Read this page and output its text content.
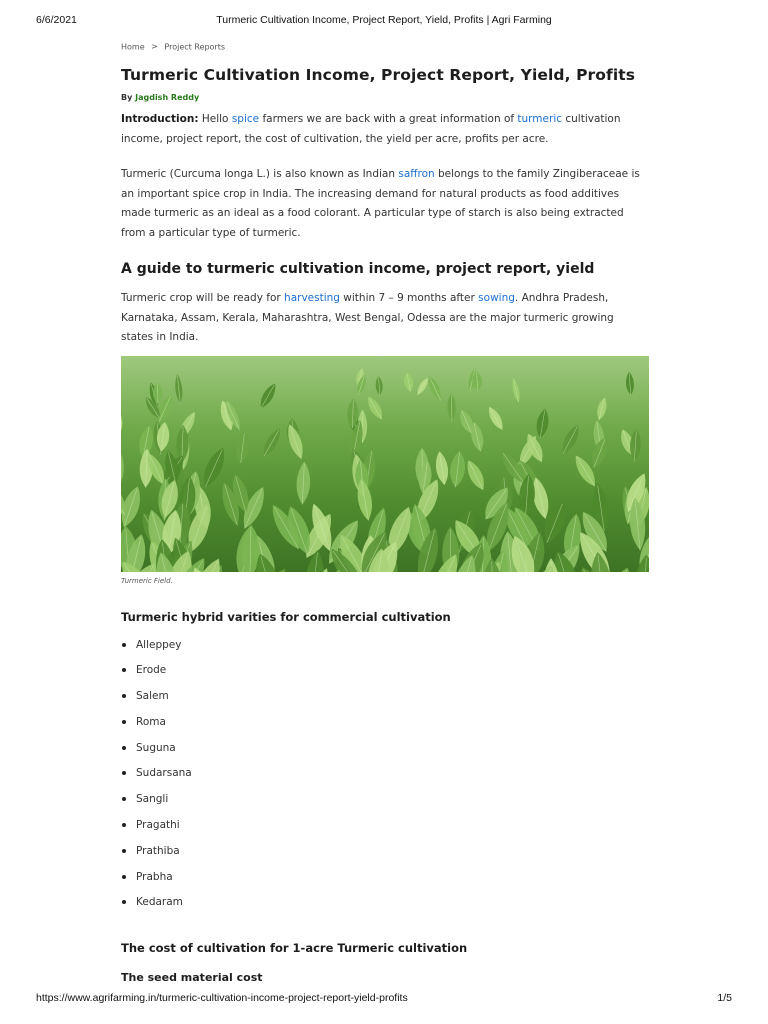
6/6/2021	Turmeric Cultivation Income, Project Report, Yield, Profits | Agri Farming
Home > Project Reports
Turmeric Cultivation Income, Project Report, Yield, Profits
By Jagdish Reddy

Introduction: Hello spice farmers we are back with a great information of turmeric cultivation income, project report, the cost of cultivation, the yield per acre, profits per acre.

Turmeric (Curcuma longa L.) is also known as Indian saffron belongs to the family Zingiberaceae is an important spice crop in India. The increasing demand for natural products as food additives made turmeric as an ideal as a food colorant. A particular type of starch is also being extracted from a particular type of turmeric.

A guide to turmeric cultivation income, project report, yield

Turmeric crop will be ready for harvesting within 7 – 9 months after sowing. Andhra Pradesh, Karnataka, Assam, Kerala, Maharashtra, West Bengal, Odessa are the major turmeric growing states in India.

Turmeric Field.
Turmeric hybrid varities for commercial cultivation
Alleppey
Erode
Salem
Roma
Suguna
Sudarsana
Sangli
Pragathi
Prathiba
Prabha
Kedaram
The cost of cultivation for 1-acre Turmeric cultivation
The seed material cost
https://www.agrifarming.in/turmeric-cultivation-income-project-report-yield-profits	1/5
